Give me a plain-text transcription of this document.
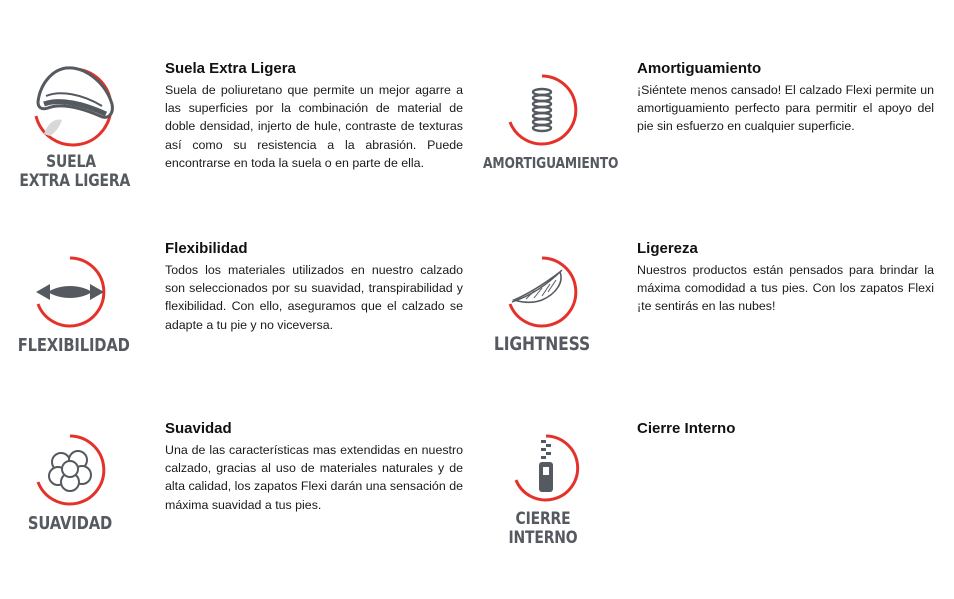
SUELA
EXTRA LIGERA
Suela Extra Ligera

Suela de poliuretano que permite un mejor agarre a las superficies por la combinación de material de doble densidad, injerto de hule, contraste de texturas así como su resistencia a la abrasión. Puede encontrarse en toda la suela o en parte de ella.	AMORTIGUAMIENTO
Amortiguamiento

¡Siéntete menos cansado! El calzado Flexi permite un amortiguamiento perfecto para permitir el apoyo del pie sin esfuerzo en cualquier superficie.

FLEXIBILIDAD
Flexibilidad

Todos los materiales utilizados en nuestro calzado son seleccionados por su suavidad, transpirabilidad y flexibilidad. Con ello, aseguramos que el calzado se adapte a tu pie y no viceversa.

LIGHTNESS
Ligereza

Nuestros productos están pensados para brindar la máxima comodidad a tus pies. Con los zapatos Flexi ¡te sentirás en las nubes!

SUAVIDAD
Suavidad

Una de las características mas extendidas en nuestro calzado, gracias al uso de materiales naturales y de alta calidad, los zapatos Flexi darán una sensación de máxima suavidad a tus pies.

CIERRE
INTERNO
Cierre Interno
